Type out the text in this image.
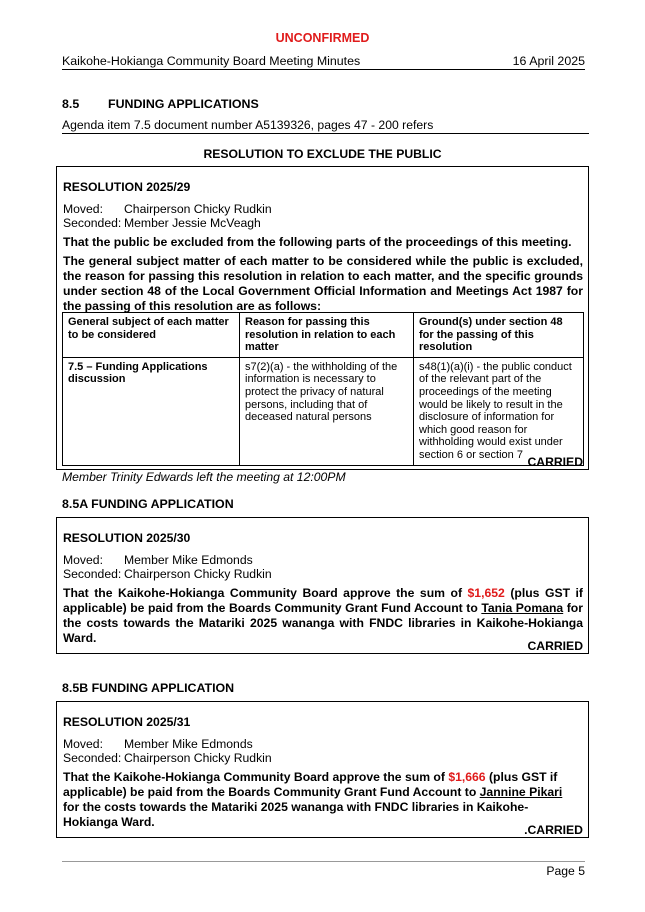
UNCONFIRMED
Kaikohe-Hokianga Community Board Meeting Minutes	16 April 2025
8.5 FUNDING APPLICATIONS
Agenda item 7.5 document number A5139326, pages 47 - 200 refers
RESOLUTION TO EXCLUDE THE PUBLIC
RESOLUTION 2025/29
Moved: Chairperson Chicky Rudkin
Seconded: Member Jessie McVeagh
That the public be excluded from the following parts of the proceedings of this meeting.
The general subject matter of each matter to be considered while the public is excluded, the reason for passing this resolution in relation to each matter, and the specific grounds under section 48 of the Local Government Official Information and Meetings Act 1987 for the passing of this resolution are as follows:
General subject of each matter to be considered	Reason for passing this resolution in relation to each matter	Ground(s) under section 48 for the passing of this resolution
7.5 – Funding Applications discussion	s7(2)(a) - the withholding of the information is necessary to protect the privacy of natural persons, including that of deceased natural persons	s48(1)(a)(i) - the public conduct of the relevant part of the proceedings of the meeting would be likely to result in the disclosure of information for which good reason for withholding would exist under section 6 or section 7
CARRIED
Member Trinity Edwards left the meeting at 12:00PM
8.5A FUNDING APPLICATION
RESOLUTION 2025/30
Moved: Member Mike Edmonds
Seconded: Chairperson Chicky Rudkin
That the Kaikohe-Hokianga Community Board approve the sum of $1,652 (plus GST if applicable) be paid from the Boards Community Grant Fund Account to Tania Pomana for the costs towards the Matariki 2025 wananga with FNDC libraries in Kaikohe-Hokianga Ward.
CARRIED
8.5B FUNDING APPLICATION
RESOLUTION 2025/31
Moved: Member Mike Edmonds
Seconded: Chairperson Chicky Rudkin
That the Kaikohe-Hokianga Community Board approve the sum of $1,666 (plus GST if applicable) be paid from the Boards Community Grant Fund Account to Jannine Pikari for the costs towards the Matariki 2025 wananga with FNDC libraries in Kaikohe-Hokianga Ward.
.CARRIED
Page 5
